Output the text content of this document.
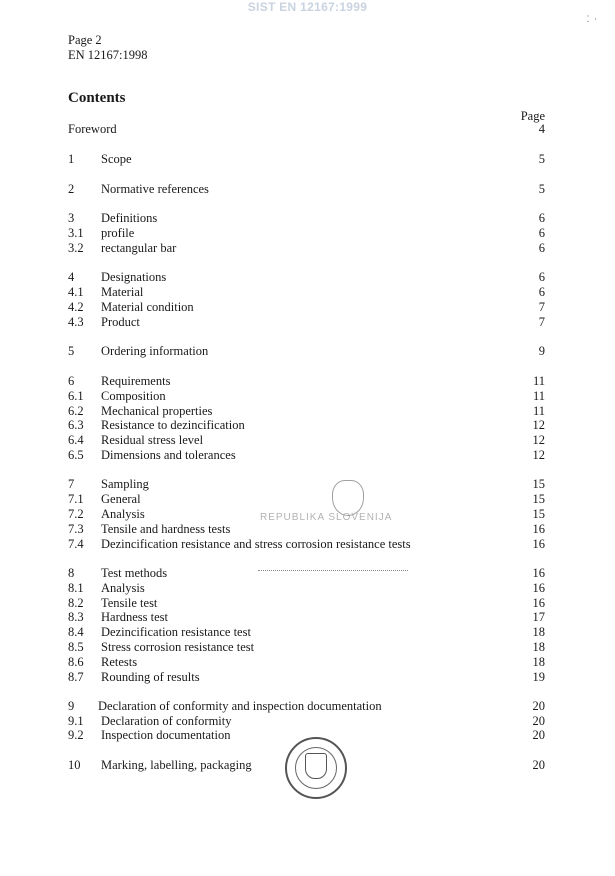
SIST EN 12167:1999
⁚  ·
Page 2
EN 12167:1998
Contents
Page
Foreword	4
1 Scope	5
2 Normative references	5
3 Definitions	6
3.1 profile	6
3.2 rectangular bar	6
4 Designations	6
4.1 Material	6
4.2 Material condition	7
4.3 Product	7
5 Ordering information	9
6 Requirements	11
6.1 Composition	11
6.2 Mechanical properties	11
6.3 Resistance to dezincification	12
6.4 Residual stress level	12
6.5 Dimensions and tolerances	12
7 Sampling	15
7.1 General	15
7.2 Analysis	15
7.3 Tensile and hardness tests	16
7.4 Dezincification resistance and stress corrosion resistance tests	16
8 Test methods	16
8.1 Analysis	16
8.2 Tensile test	16
8.3 Hardness test	17
8.4 Dezincification resistance test	18
8.5 Stress corrosion resistance test	18
8.6 Retests	18
8.7 Rounding of results	19
9 Declaration of conformity and inspection documentation	20
9.1 Declaration of conformity	20
9.2 Inspection documentation	20
10 Marking, labelling, packaging	20
REPUBLIKA SLOVENIJA
